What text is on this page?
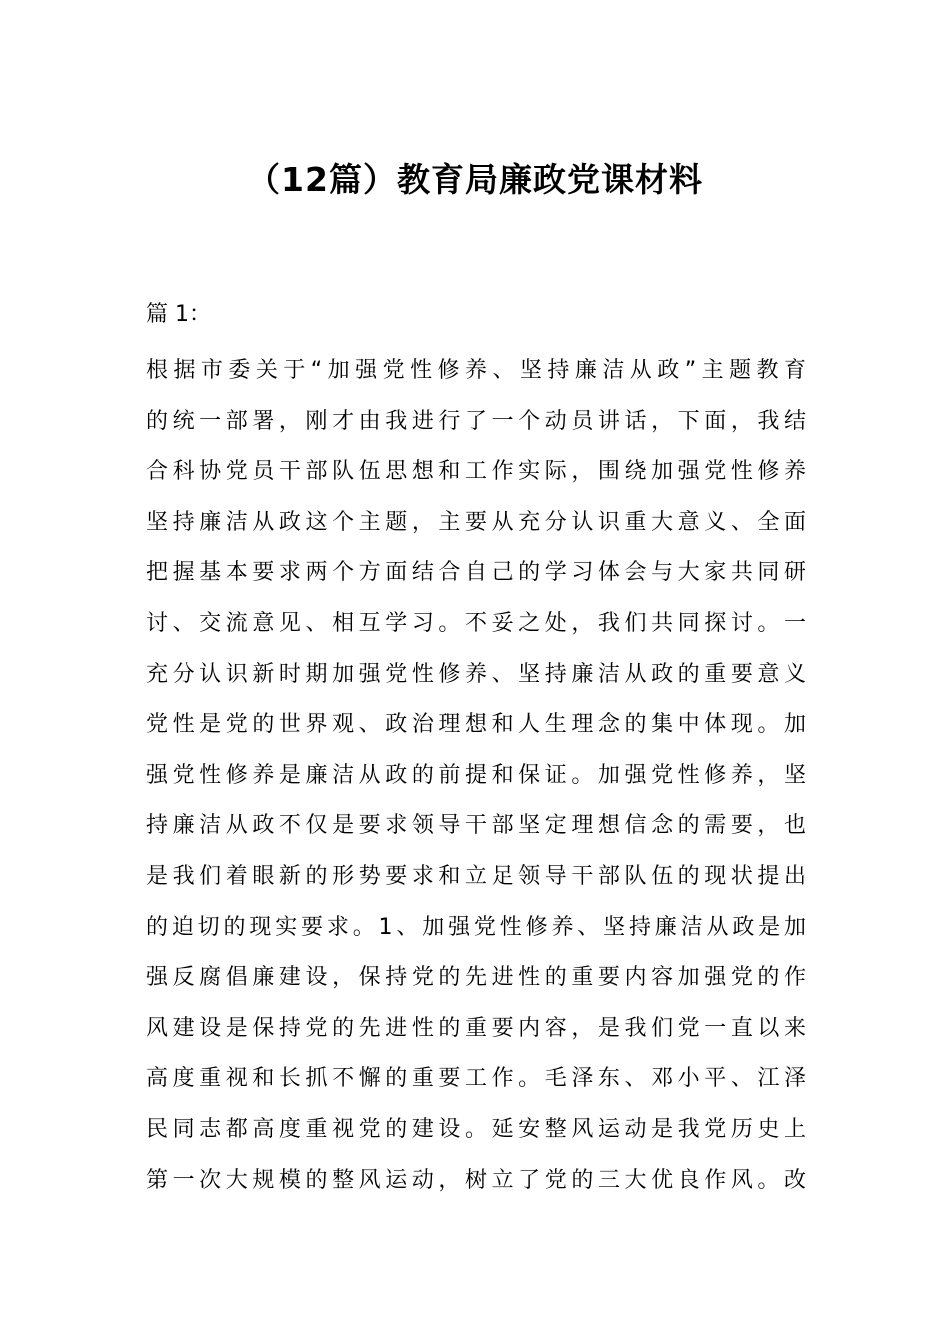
（12篇）教育局廉政党课材料
篇 1：
根据市委关于“加强党性修养、坚持廉洁从政”主题教育
的统一部署，刚才由我进行了一个动员讲话，下面，我结
合科协党员干部队伍思想和工作实际，围绕加强党性修养
坚持廉洁从政这个主题，主要从充分认识重大意义、全面
把握基本要求两个方面结合自己的学习体会与大家共同研
讨、交流意见、相互学习。不妥之处，我们共同探讨。一
充分认识新时期加强党性修养、坚持廉洁从政的重要意义
党性是党的世界观、政治理想和人生理念的集中体现。加
强党性修养是廉洁从政的前提和保证。加强党性修养，坚
持廉洁从政不仅是要求领导干部坚定理想信念的需要，也
是我们着眼新的形势要求和立足领导干部队伍的现状提出
的迫切的现实要求。1、加强党性修养、坚持廉洁从政是加
强反腐倡廉建设，保持党的先进性的重要内容加强党的作
风建设是保持党的先进性的重要内容，是我们党一直以来
高度重视和长抓不懈的重要工作。毛泽东、邓小平、江泽
民同志都高度重视党的建设。延安整风运动是我党历史上
第一次大规模的整风运动，树立了党的三大优良作风。改
